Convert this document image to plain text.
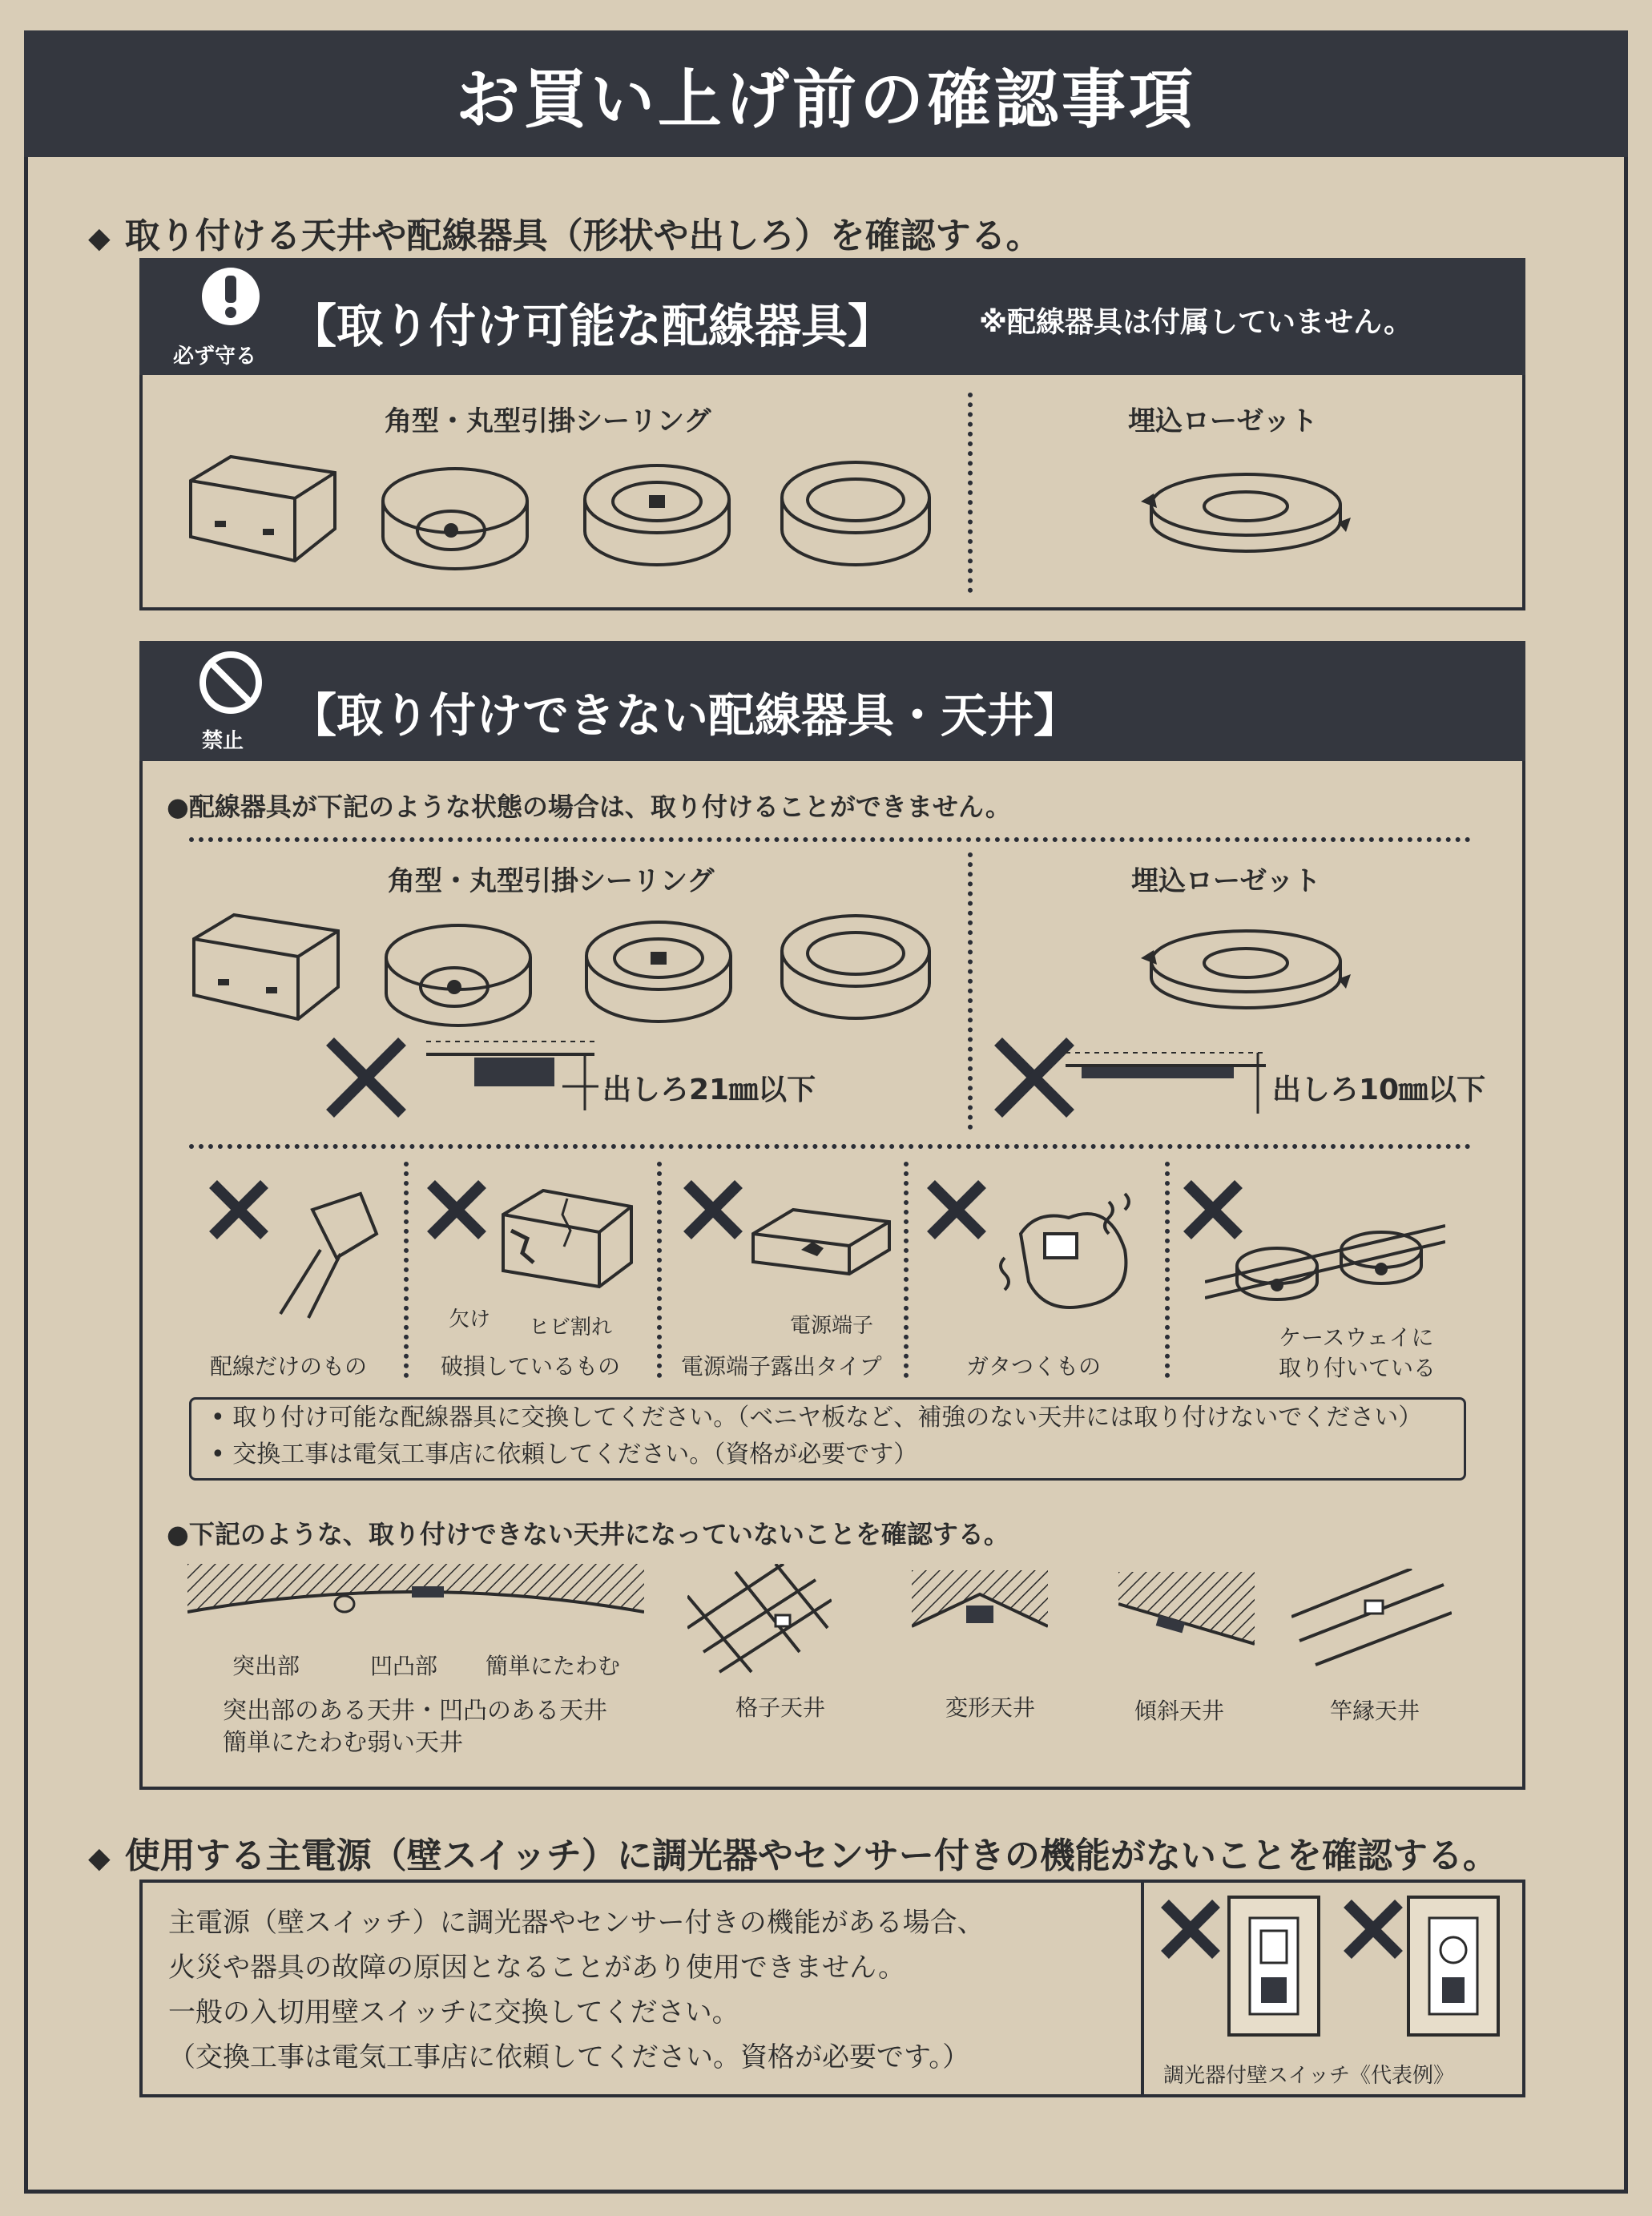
お買い上げ前の確認事項
◆ 取り付ける天井や配線器具（形状や出しろ）を確認する。
必ず守る
【取り付け可能な配線器具】	※配線器具は付属していません。
角型・丸型引掛シーリング	埋込ローゼット
禁止 【取り付けできない配線器具・天井】
●配線器具が下記のような状態の場合は、取り付けることができません。
角型・丸型引掛シーリング	埋込ローゼット
出しろ21㎜以下	出しろ10㎜以下
配線だけのもの
欠け ヒビ割れ
破損しているもの
電源端子
電源端子露出タイプ	ガタつくもの
ケースウェイに
取り付いている
• 取り付け可能な配線器具に交換してください。（ベニヤ板など、補強のない天井には取り付けないでください）
• 交換工事は電気工事店に依頼してください。（資格が必要です）
●下記のような、取り付けできない天井になっていないことを確認する。
突出部	凹凸部 簡単にたわむ
突出部のある天井・凹凸のある天井
簡単にたわむ弱い天井
格子天井	変形天井	傾斜天井	竿縁天井
◆ 使用する主電源（壁スイッチ）に調光器やセンサー付きの機能がないことを確認する。
主電源（壁スイッチ）に調光器やセンサー付きの機能がある場合、
火災や器具の故障の原因となることがあり使用できません。
一般の入切用壁スイッチに交換してください。
（交換工事は電気工事店に依頼してください。資格が必要です。）
調光器付壁スイッチ《代表例》
